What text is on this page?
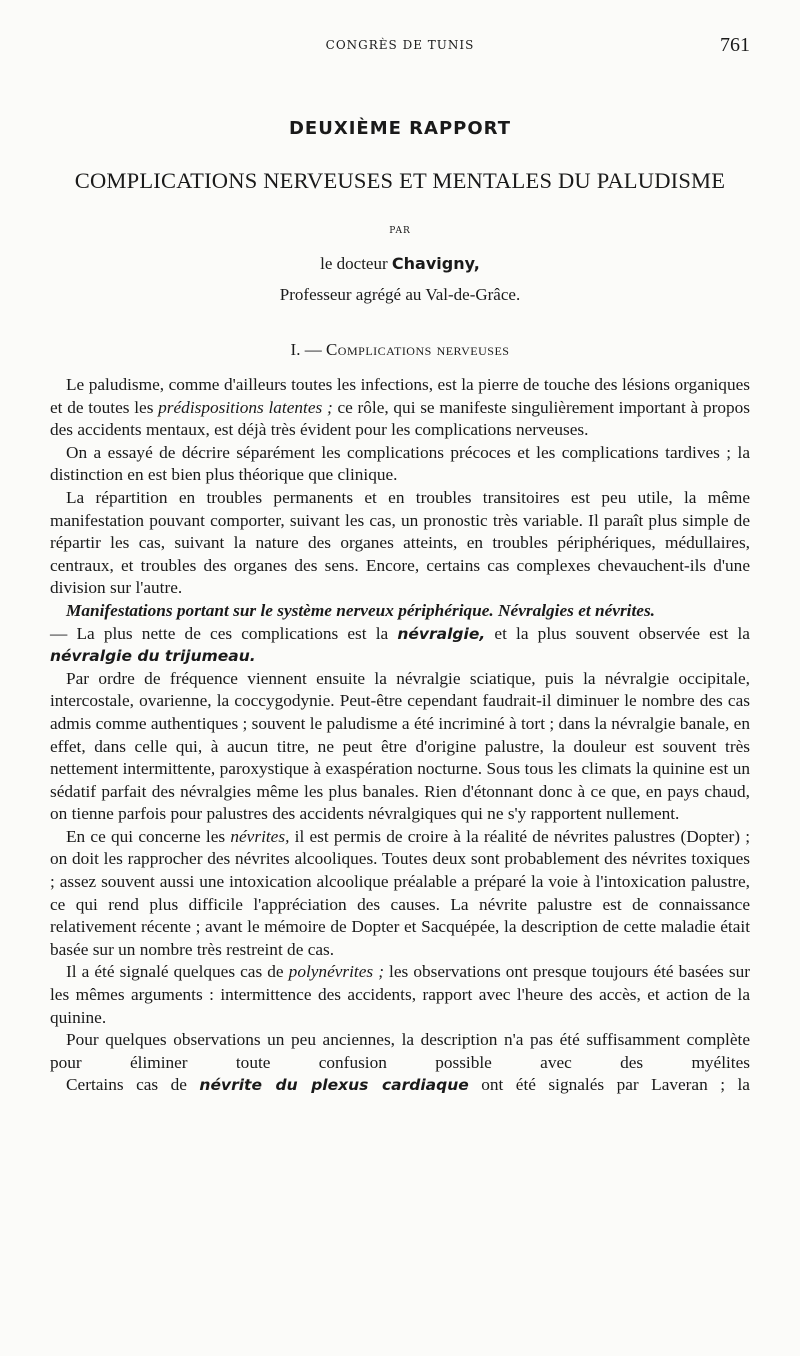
CONGRÈS DE TUNIS	761
DEUXIÈME RAPPORT
COMPLICATIONS NERVEUSES ET MENTALES DU PALUDISME
PAR
le docteur Chavigny,
Professeur agrégé au Val-de-Grâce.
I. — Complications nerveuses

Le paludisme, comme d'ailleurs toutes les infections, est la pierre de touche des lésions organiques et de toutes les prédispositions latentes ; ce rôle, qui se manifeste singulièrement important à propos des accidents mentaux, est déjà très évident pour les complications nerveuses.

On a essayé de décrire séparément les complications précoces et les complications tardives ; la distinction en est bien plus théorique que clinique.

La répartition en troubles permanents et en troubles transitoires est peu utile, la même manifestation pouvant comporter, suivant les cas, un pronostic très variable. Il paraît plus simple de répartir les cas, suivant la nature des organes atteints, en troubles périphériques, médullaires, centraux, et troubles des organes des sens. Encore, certains cas complexes chevauchent-ils d'une division sur l'autre.

Manifestations portant sur le système nerveux périphérique. Névralgies et névrites.

— La plus nette de ces complications est la névralgie, et la plus souvent observée est la névralgie du trijumeau.

Par ordre de fréquence viennent ensuite la névralgie sciatique, puis la névralgie occipitale, intercostale, ovarienne, la coccygodynie. Peut-être cependant faudrait-il diminuer le nombre des cas admis comme authentiques ; souvent le paludisme a été incriminé à tort ; dans la névralgie banale, en effet, dans celle qui, à aucun titre, ne peut être d'origine palustre, la douleur est souvent très nettement intermittente, paroxystique à exaspération nocturne. Sous tous les climats la quinine est un sédatif parfait des névralgies même les plus banales. Rien d'étonnant donc à ce que, en pays chaud, on tienne parfois pour palustres des accidents névralgiques qui ne s'y rapportent nullement.

En ce qui concerne les névrites, il est permis de croire à la réalité de névrites palustres (Dopter) ; on doit les rapprocher des névrites alcooliques. Toutes deux sont probablement des névrites toxiques ; assez souvent aussi une intoxication alcoolique préalable a préparé la voie à l'intoxication palustre, ce qui rend plus difficile l'appréciation des causes. La névrite palustre est de connaissance relativement récente ; avant le mémoire de Dopter et Sacquépée, la description de cette maladie était basée sur un nombre très restreint de cas.

Il a été signalé quelques cas de polynévrites ; les observations ont presque toujours été basées sur les mêmes arguments : intermittence des accidents, rapport avec l'heure des accès, et action de la quinine.

Pour quelques observations un peu anciennes, la description n'a pas été suffisamment complète pour éliminer toute confusion possible avec des myélites

Certains cas de névrite du plexus cardiaque ont été signalés par Laveran ; la
